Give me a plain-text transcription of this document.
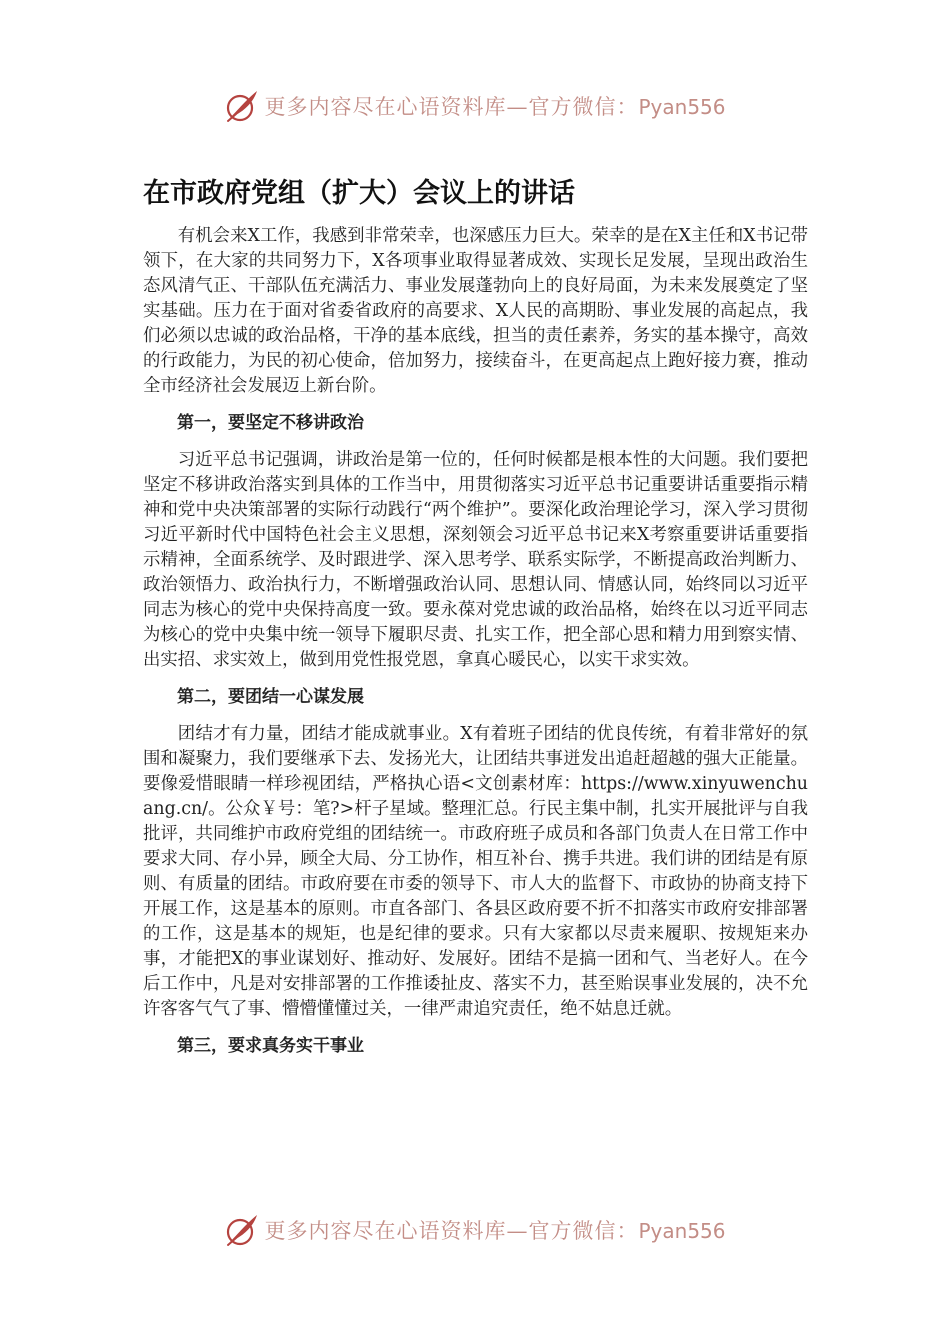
更多内容尽在心语资料库—官方微信：Pyan556
在市政府党组（扩大）会议上的讲话

有机会来X工作，我感到非常荣幸，也深感压力巨大。荣幸的是在X主任和X书记带领下，在大家的共同努力下，X各项事业取得显著成效、实现长足发展，呈现出政治生态风清气正、干部队伍充满活力、事业发展蓬勃向上的良好局面，为未来发展奠定了坚实基础。压力在于面对省委省政府的高要求、X人民的高期盼、事业发展的高起点，我们必须以忠诚的政治品格，干净的基本底线，担当的责任素养，务实的基本操守，高效的行政能力，为民的初心使命，倍加努力，接续奋斗，在更高起点上跑好接力赛，推动全市经济社会发展迈上新台阶。

第一，要坚定不移讲政治

习近平总书记强调，讲政治是第一位的，任何时候都是根本性的大问题。我们要把坚定不移讲政治落实到具体的工作当中，用贯彻落实习近平总书记重要讲话重要指示精神和党中央决策部署的实际行动践行“两个维护”。要深化政治理论学习，深入学习贯彻习近平新时代中国特色社会主义思想，深刻领会习近平总书记来X考察重要讲话重要指示精神，全面系统学、及时跟进学、深入思考学、联系实际学，不断提高政治判断力、政治领悟力、政治执行力，不断增强政治认同、思想认同、情感认同，始终同以习近平同志为核心的党中央保持高度一致。要永葆对党忠诚的政治品格，始终在以习近平同志为核心的党中央集中统一领导下履职尽责、扎实工作，把全部心思和精力用到察实情、出实招、求实效上，做到用党性报党恩，拿真心暖民心，以实干求实效。

第二，要团结一心谋发展

团结才有力量，团结才能成就事业。X有着班子团结的优良传统，有着非常好的氛围和凝聚力，我们要继承下去、发扬光大，让团结共事迸发出追赶超越的强大正能量。要像爱惜眼睛一样珍视团结，严格执心语<文创素材库：https://www.xinyuwenchuang.cn/。公众￥号：笔?>杆子星域。整理汇总。行民主集中制，扎实开展批评与自我批评，共同维护市政府党组的团结统一。市政府班子成员和各部门负责人在日常工作中要求大同、存小异，顾全大局、分工协作，相互补台、携手共进。我们讲的团结是有原则、有质量的团结。市政府要在市委的领导下、市人大的监督下、市政协的协商支持下开展工作，这是基本的原则。市直各部门、各县区政府要不折不扣落实市政府安排部署的工作，这是基本的规矩，也是纪律的要求。只有大家都以尽责来履职、按规矩来办事，才能把X的事业谋划好、推动好、发展好。团结不是搞一团和气、当老好人。在今后工作中，凡是对安排部署的工作推诿扯皮、落实不力，甚至贻误事业发展的，决不允许客客气气了事、懵懵懂懂过关，一律严肃追究责任，绝不姑息迁就。

第三，要求真务实干事业

更多内容尽在心语资料库—官方微信：Pyan556
